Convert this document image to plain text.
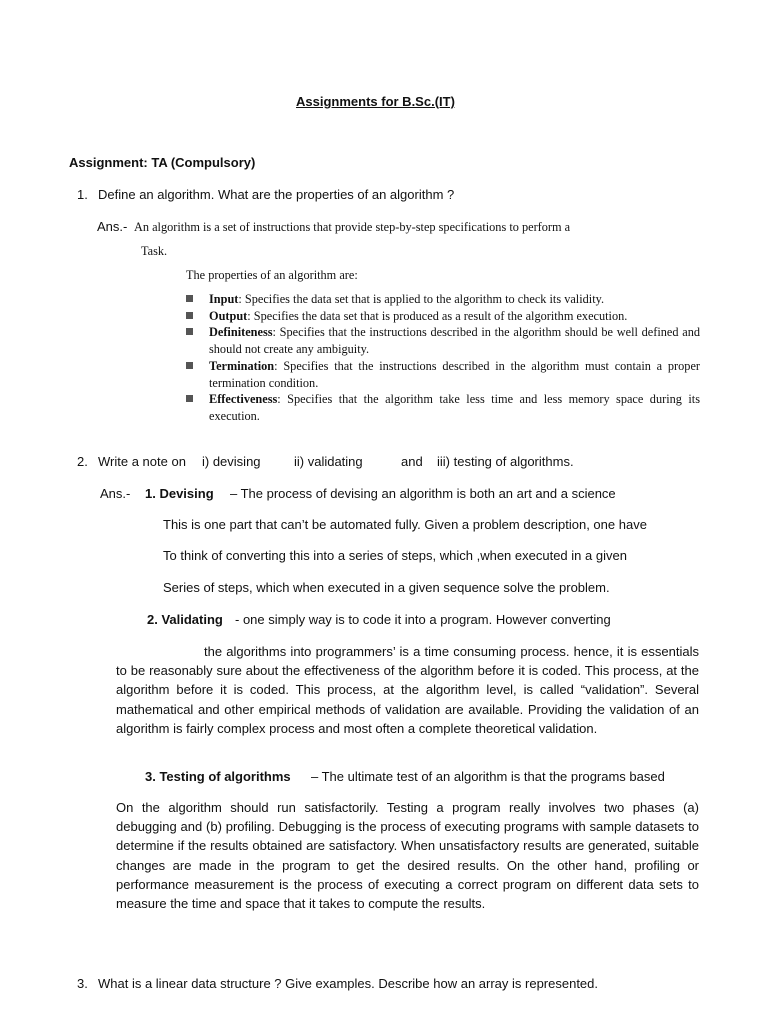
Assignments for B.Sc.(IT)
Assignment: TA (Compulsory)
1. Define an algorithm. What are the properties of an algorithm ?
Ans.- An algorithm is a set of instructions that provide step-by-step specifications to perform a
Task.
The properties of an algorithm are:
Input: Specifies the data set that is applied to the algorithm to check its validity.
Output: Specifies the data set that is produced as a result of the algorithm execution.
Definiteness: Specifies that the instructions described in the algorithm should be well defined and should not create any ambiguity.
Termination: Specifies that the instructions described in the algorithm must contain a proper termination condition.
Effectiveness: Specifies that the algorithm take less time and less memory space during its execution.
2. Write a note on i) devising	ii) validating	and iii) testing of algorithms.
Ans.- 1. Devising – The process of devising an algorithm is both an art and a science
This is one part that can’t be automated fully. Given a problem description, one have
To think of converting this into a series of steps, which ,when executed in a given
Series of steps, which when executed in a given sequence solve the problem.
2. Validating - one simply way is to code it into a program. However converting
the algorithms into programmers’ is a time consuming process. hence, it is essentials to be reasonably sure about the effectiveness of the algorithm before it is coded. This process, at the algorithm before it is coded. This process, at the algorithm level, is called “validation”. Several mathematical and other empirical methods of validation are available. Providing the validation of an algorithm is fairly complex process and most often a complete theoretical validation.
3. Testing of algorithms – The ultimate test of an algorithm is that the programs based
On the algorithm should run satisfactorily. Testing a program really involves two phases (a) debugging and (b) profiling. Debugging is the process of executing programs with sample datasets to determine if the results obtained are satisfactory. When unsatisfactory results are generated, suitable changes are made in the program to get the desired results. On the other hand, profiling or performance measurement is the process of executing a correct program on different data sets to measure the time and space that it takes to compute the results.
3. What is a linear data structure ? Give examples. Describe how an array is represented.
